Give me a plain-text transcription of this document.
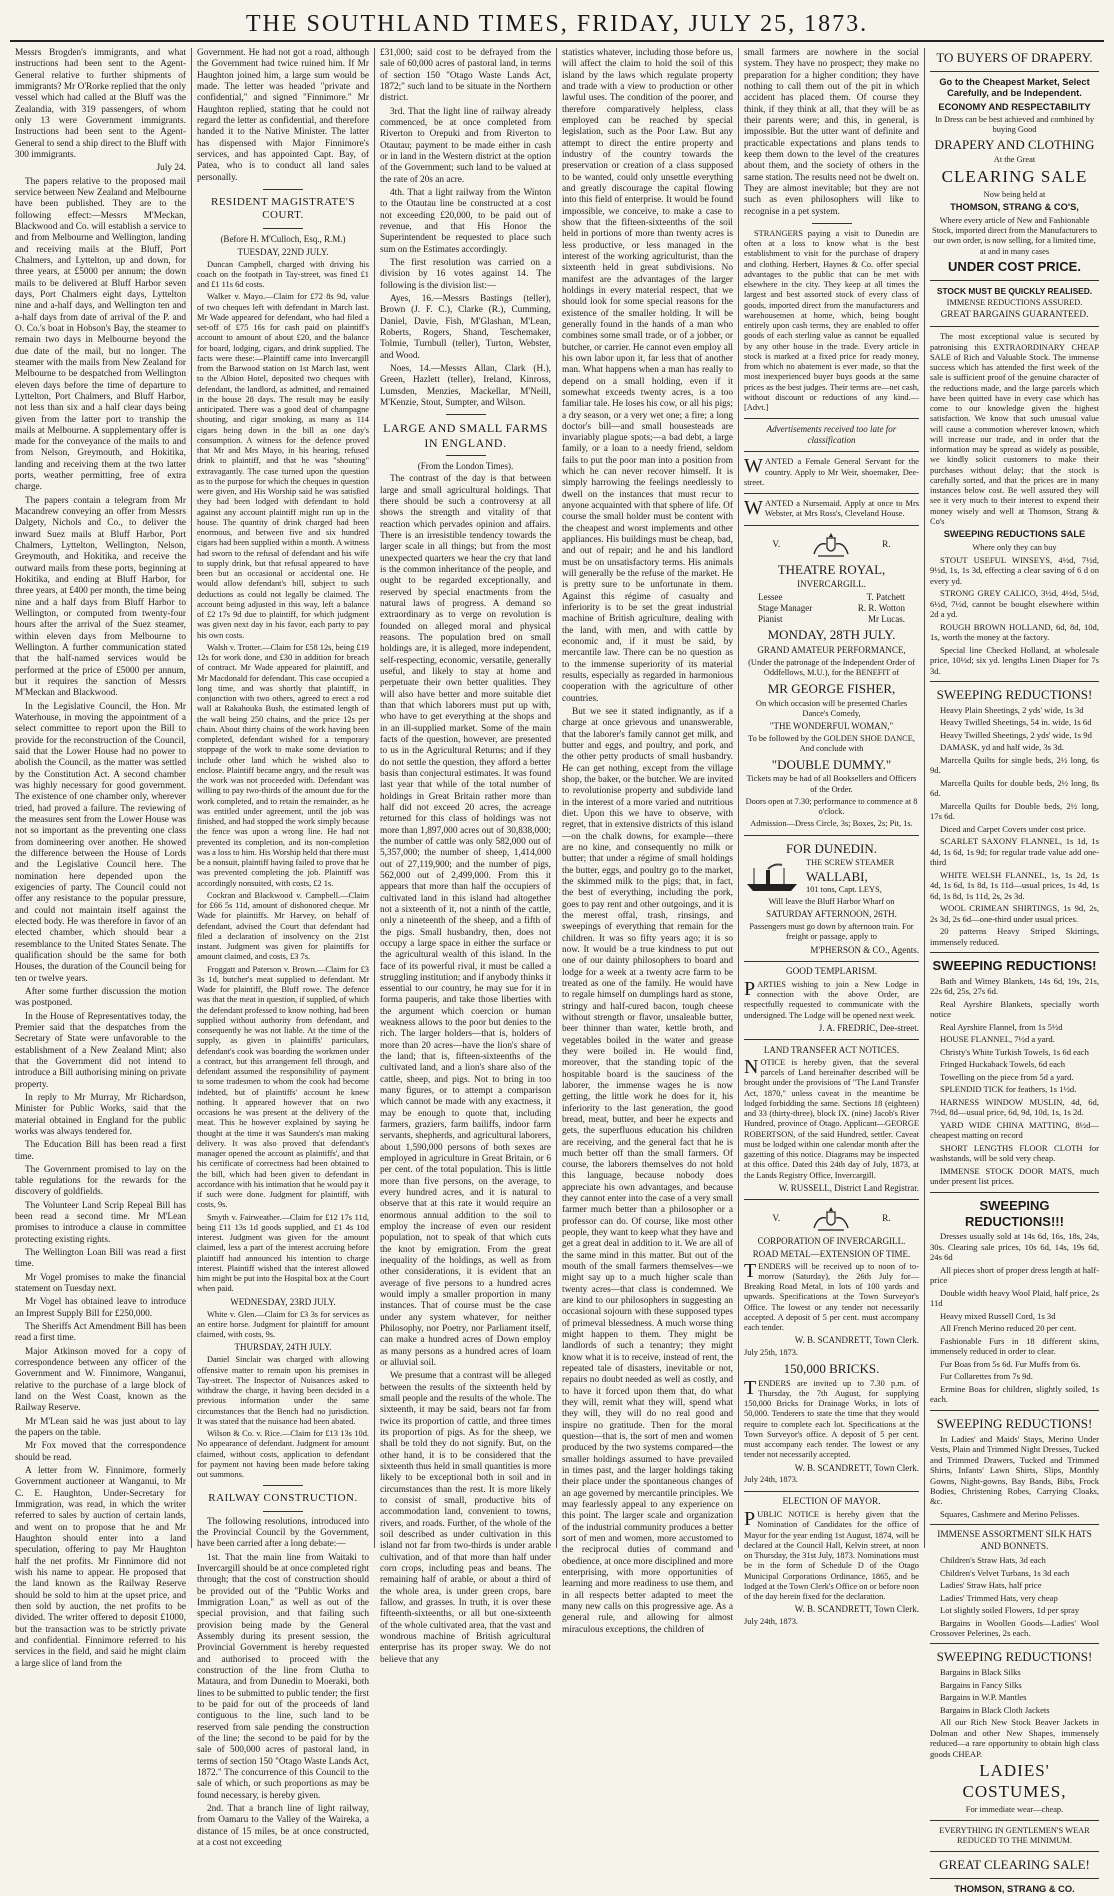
THE SOUTHLAND TIMES, FRIDAY, JULY 25, 1873.

Messrs Brogden's immigrants, and what instructions had been sent to the Agent-General relative to further shipments of immigrants? Mr O'Rorke replied that the only vessel which had called at the Bluff was the Zealandia, with 319 passengers, of whom only 13 were Government immigrants. Instructions had been sent to the Agent-General to send a ship direct to the Bluff with 300 immigrants.

July 24.

The papers relative to the proposed mail service between New Zealand and Melbourne have been published. They are to the following effect:—Messrs M'Meckan, Blackwood and Co. will establish a service to and from Melbourne and Wellington, landing and receiving mails at the Bluff, Port Chalmers, and Lyttelton, up and down, for three years, at £5000 per annum; the down mails to be delivered at Bluff Harbor seven days, Port Chalmers eight days, Lyttelton nine and a-half days, and Wellington ten and a-half days from date of arrival of the P. and O. Co.'s boat in Hobson's Bay, the steamer to remain two days in Melbourne beyond the due date of the mail, but no longer. The steamer with the mails from New Zealand for Melbourne to be despatched from Wellington eleven days before the time of departure to Lyttelton, Port Chalmers, and Bluff Harbor, not less than six and a half clear days being given from the latter port to tranship the mails at Melbourne. A supplementary offer is made for the conveyance of the mails to and from Nelson, Greymouth, and Hokitika, landing and receiving them at the two latter ports, weather permitting, free of extra charge.

The papers contain a telegram from Mr Macandrew conveying an offer from Messrs Dalgety, Nichols and Co., to deliver the inward Suez mails at Bluff Harbor, Port Chalmers, Lyttelton, Wellington, Nelson, Greymouth, and Hokitika, and receive the outward mails from these ports, beginning at Hokitika, and ending at Bluff Harbor, for three years, at £400 per month, the time being nine and a half days from Bluff Harbor to Wellington, or computed from twenty-four hours after the arrival of the Suez steamer, within eleven days from Melbourne to Wellington. A further communication stated that the half-named services would be performed at the price of £5000 per annum, but it requires the sanction of Messrs M'Meckan and Blackwood.

In the Legislative Council, the Hon. Mr Waterhouse, in moving the appointment of a select committee to report upon the Bill to provide for the reconstruction of the Council, said that the Lower House had no power to abolish the Council, as the matter was settled by the Constitution Act. A second chamber was highly necessary for good government. The existence of one chamber only, wherever tried, had proved a failure. The reviewing of the measures sent from the Lower House was not so important as the preventing one class from domineering over another. He showed the difference between the House of Lords and the Legislative Council here. The nomination here depended upon the exigencies of party. The Council could not offer any resistance to the popular pressure, and could not maintain itself against the elected body. He was therefore in favor of an elected chamber, which should bear a resemblance to the United States Senate. The qualification should be the same for both Houses, the duration of the Council being for ten or twelve years.

After some further discussion the motion was postponed.

In the House of Representatives today, the Premier said that the despatches from the Secretary of State were unfavorable to the establishment of a New Zealand Mint; also that the Government did not intend to introduce a Bill authorising mining on private property.

In reply to Mr Murray, Mr Richardson, Minister for Public Works, said that the material obtained in England for the public works was always tendered for.

The Education Bill has been read a first time.

The Government promised to lay on the table regulations for the rewards for the discovery of goldfields.

The Volunteer Land Scrip Repeal Bill has been read a second time. Mr M'Lean promises to introduce a clause in committee protecting existing rights.

The Wellington Loan Bill was read a first time.

Mr Vogel promises to make the financial statement on Tuesday next.

Mr Vogel has obtained leave to introduce an Imprest Supply Bill for £250,000.

The Sheriffs Act Amendment Bill has been read a first time.

Major Atkinson moved for a copy of correspondence between any officer of the Government and W. Finnimore, Wanganui, relative to the purchase of a large block of land on the West Coast, known as the Railway Reserve.

Mr M'Lean said he was just about to lay the papers on the table.

Mr Fox moved that the correspondence should be read.

A letter from W. Finnimore, formerly Government auctioneer at Wanganui, to Mr C. E. Haughton, Under-Secretary for Immigration, was read, in which the writer referred to sales by auction of certain lands, and went on to propose that he and Mr Haughton should enter into a land speculation, offering to pay Mr Haughton half the net profits. Mr Finnimore did not wish his name to appear. He proposed that the land known as the Railway Reserve should be sold to him at the upset price, and then sold by auction, the net profits to be divided. The writer offered to deposit £1000, but the transaction was to be strictly private and confidential. Finnimore referred to his services in the field, and said he might claim a large slice of land from the

Government. He had not got a road, although the Government had twice ruined him. If Mr Haughton joined him, a large sum would be made. The letter was headed "private and confidential," and signed "Finnimore." Mr Haughton replied, stating that he could not regard the letter as confidential, and therefore handed it to the Native Minister. The latter has dispensed with Major Finnimore's services, and has appointed Capt. Bay, of Patea, who is to conduct all land sales personally.

RESIDENT MAGISTRATE'S COURT.
(Before H. M'Culloch, Esq., R.M.)
TUESDAY, 22ND JULY.

Duncan Campbell, charged with driving his coach on the footpath in Tay-street, was fined £1 and £1 11s 6d costs.

Walker v. Mayo.—Claim for £72 8s 9d, value of two cheques left with defendant in March last. Mr Wade appeared for defendant, who had filed a set-off of £75 16s for cash paid on plaintiff's account to amount of about £20, and the balance for board, lodging, cigars, and drink supplied. The facts were these:—Plaintiff came into Invercargill from the Barwood station on 1st March last, went to the Albion Hotel, deposited two cheques with defendant, the landlord, as admitted, and remained in the house 28 days. The result may be easily anticipated. There was a good deal of champagne shouting, and cigar smoking, as many as 114 cigars being down in the bill as one day's consumption. A witness for the defence proved that Mr and Mrs Mayo, in his hearing, refused drink to plaintiff, and that he was "shouting" extravagantly. The case turned upon the question as to the purpose for which the cheques in question were given, and His Worship said he was satisfied they had been lodged with defendant to hold against any account plaintiff might run up in the house. The quantity of drink charged had been enormous, and between five and six hundred cigars had been supplied within a month. A witness had sworn to the refusal of defendant and his wife to supply drink, but that refusal appeared to have been but an occasional or accidental one. He would allow defendant's bill, subject to such deductions as could not legally be claimed. The account being adjusted in this way, left a balance of £2 17s 9d due to plaintiff, for which judgment was given next day in his favor, each party to pay his own costs.

Walsh v. Trotter.—Claim for £58 12s, being £19 12s for work done, and £30 in addition for breach of contract. Mr Wade appeared for plaintiff, and Mr Macdonald for defendant. This case occupied a long time, and was shortly that plaintiff, in conjunction with two others, agreed to erect a rod wall at Rakahouka Bush, the estimated length of the wall being 250 chains, and the price 12s per chain. About thirty chains of the work having been completed, defendant wished for a temporary stoppage of the work to make some deviation to include other land which he wished also to enclose. Plaintiff became angry, and the result was the work was not proceeded with. Defendant was willing to pay two-thirds of the amount due for the work completed, and to retain the remainder, as he was entitled under agreement, until the job was finished, and had stopped the work simply because the fence was upon a wrong line. He had not prevented its completion, and its non-completion was a loss to him. His Worship held that there must be a nonsuit, plaintiff having failed to prove that he was prevented completing the job. Plaintiff was accordingly nonsuited, with costs, £2 1s.

Cockran and Blackwood v. Campbell.—Claim for £66 5s 11d, amount of dishonored cheque. Mr Wade for plaintiffs. Mr Harvey, on behalf of defendant, advised the Court that defendant had filed a declaration of insolvency on the 21st instant. Judgment was given for plaintiffs for amount claimed, and costs, £3 7s.

Froggatt and Paterson v. Brown.—Claim for £3 3s 1d, butcher's meat supplied to defendant. Mr Wade for plaintiff, the Bluff rowe. The defence was that the meat in question, if supplied, of which the defendant professed to know nothing, had been supplied without authority from defendant, and consequently he was not liable. At the time of the supply, as given in plaintiffs' particulars, defendant's cook was boarding the workmen under a contract, but this arrangement fell through, and defendant assumed the responsibility of payment to some tradesmen to whom the cook had become indebted, but of plaintiffs' account he knew nothing. It appeared however that on two occasions he was present at the delivery of the meat. This he however explained by saying he thought at the time it was Saunders's man making delivery. It was also proved that defendant's manager opened the account as plaintiffs', and that his certificate of correctness had been obtained to the bill, which had been given to defendant in accordance with his intimation that he would pay it if such were done. Judgment for plaintiff, with costs, 9s.

Smyth v. Fairweather.—Claim for £12 17s 11d, being £11 13s 1d goods supplied, and £1 4s 10d interest. Judgment was given for the amount claimed, less a part of the interest accruing before plaintiff had announced his intention to charge interest. Plaintiff wished that the interest allowed him might be put into the Hospital box at the Court when paid.

WEDNESDAY, 23RD JULY.

White v. Glen.—Claim for £3 3s for services as an entire horse. Judgment for plaintiff for amount claimed, with costs, 9s.

THURSDAY, 24TH JULY.

Daniel Sinclair was charged with allowing offensive matter to remain upon his premises in Tay-street. The Inspector of Nuisances asked to withdraw the charge, it having been decided in a previous information under the same circumstances that the Bench had no jurisdiction. It was stated that the nuisance had been abated.

Wilson & Co. v. Rice.—Claim for £13 13s 10d. No appearance of defendant. Judgment for amount claimed, without costs, application to defendant for payment not having been made before taking out summons.

RAILWAY CONSTRUCTION.

The following resolutions, introduced into the Provincial Council by the Government, have been carried after a long debate:—

1st. That the main line from Waitaki to Invercargill should be at once completed right through; that the cost of construction should be provided out of the "Public Works and Immigration Loan," as well as out of the special provision, and that failing such provision being made by the General Assembly during its present session, the Provincial Government is hereby requested and authorised to proceed with the construction of the line from Clutha to Mataura, and from Dunedin to Moeraki, both lines to be submitted to public tender; the first to be paid for out of the proceeds of land contiguous to the line, such land to be reserved from sale pending the construction of the line; the second to be paid for by the sale of 500,000 acres of pastoral land, in terms of section 150 "Otago Waste Lands Act, 1872." The concurrence of this Council to the sale of which, or such proportions as may be found necessary, is hereby given.

2nd. That a branch line of light railway, from Oamaru to the Valley of the Waireka, a distance of 15 miles, be at once constructed, at a cost not exceeding

£31,000; said cost to be defrayed from the sale of 60,000 acres of pastoral land, in terms of section 150 "Otago Waste Lands Act, 1872;" such land to be situate in the Northern district.

3rd. That the light line of railway already commenced, be at once completed from Riverton to Orepuki and from Riverton to Otautau; payment to be made either in cash or in land in the Western district at the option of the Government; such land to be valued at the rate of 20s an acre.

4th. That a light railway from the Winton to the Otautau line be constructed at a cost not exceeding £20,000, to be paid out of revenue, and that His Honor the Superintendent be requested to place such sum on the Estimates accordingly.

The first resolution was carried on a division by 16 votes against 14. The following is the division list:—

Ayes, 16.—Messrs Bastings (teller), Brown (J. F. C.), Clarke (R.), Cumming, Daniel, Davie, Fish, M'Glashan, M'Lean, Roberts, Rogers, Shand, Teschemaker, Tolmie, Turnbull (teller), Turton, Webster, and Wood.

Noes, 14.—Messrs Allan, Clark (H.), Green, Hazlett (teller), Ireland, Kinross, Lumsden, Menzies, Mackellar, M'Neill, M'Kenzie, Stout, Sumpter, and Wilson.

LARGE AND SMALL FARMS IN ENGLAND.
(From the London Times).

The contrast of the day is that between large and small agricultural holdings. That there should be such a controversy at all shows the strength and vitality of that reaction which pervades opinion and affairs. There is an irresistible tendency towards the larger scale in all things; but from the most unexpected quarters we hear the cry that land is the common inheritance of the people, and ought to be regarded exceptionally, and reserved by special enactments from the natural laws of progress. A demand so extraordinary as to verge on revolution is founded on alleged moral and physical reasons. The population bred on small holdings are, it is alleged, more independent, self-respecting, economic, versatile, generally useful, and likely to stay at home and perpetuate their own better qualities. They will also have better and more suitable diet than that which laborers must put up with, who have to get everything at the shops and in an ill-supplied market. Some of the main facts of the question, however, are presented to us in the Agricultural Returns; and if they do not settle the question, they afford a better basis than conjectural estimates. It was found last year that while of the total number of holdings in Great Britain rather more than half did not exceed 20 acres, the acreage returned for this class of holdings was not more than 1,897,000 acres out of 30,838,000; the number of cattle was only 582,000 out of 5,357,000; the number of sheep, 1,414,000 out of 27,119,900; and the number of pigs, 562,000 out of 2,499,000. From this it appears that more than half the occupiers of cultivated land in this island had altogether not a sixteenth of it, not a ninth of the cattle, only a nineteenth of the sheep, and a fifth of the pigs. Small husbandry, then, does not occupy a large space in either the surface or the agricultural wealth of this island. In the face of its powerful rival, it must be called a struggling institution; and if anybody thinks it essential to our country, he may sue for it in forma pauperis, and take those liberties with the argument which coercion or human weakness allows to the poor but denies to the rich. The larger holders—that is, holders of more than 20 acres—have the lion's share of the land; that is, fifteen-sixteenths of the cultivated land, and a lion's share also of the cattle, sheep, and pigs. Not to bring in too many figures, or to attempt a comparison which cannot be made with any exactness, it may be enough to quote that, including farmers, graziers, farm bailiffs, indoor farm servants, shepherds, and agricultural laborers, about 1,590,000 persons of both sexes are employed in agriculture in Great Britain, or 6 per cent. of the total population. This is little more than five persons, on the average, to every hundred acres, and it is natural to observe that at this rate it would require an enormous annual addition to the soil to employ the increase of even our resident population, not to speak of that which cuts the knot by emigration. From the great inequality of the holdings, as well as from other considerations, it is evident that an average of five persons to a hundred acres would imply a smaller proportion in many instances. That of course must be the case under any system whatever, for neither Philosophy, nor Poetry, nor Parliament itself, can make a hundred acres of Down employ as many persons as a hundred acres of loam or alluvial soil.

We presume that a contrast will be alleged between the results of the sixteenth held by small people and the results of the whole. The sixteenth, it may be said, bears not far from twice its proportion of cattle, and three times its proportion of pigs. As for the sheep, we shall be told they do not signify. But, on the other hand, it is to be considered that the sixteenth thus held in small quantities is more likely to be exceptional both in soil and in circumstances than the rest. It is more likely to consist of small, productive bits of accommodation land, convenient to towns, rivers, and roads. Further, of the whole of the soil described as under cultivation in this island not far from two-thirds is under arable cultivation, and of that more than half under corn crops, including peas and beans. The remaining half of arable, or about a third of the whole area, is under green crops, bare fallow, and grasses. In truth, it is over these fifteenth-sixteenths, or all but one-sixteenth of the whole cultivated area, that the vast and wondrous machine of British agricultural enterprise has its proper sway. We do not believe that any

statistics whatever, including those before us, will affect the claim to hold the soil of this island by the laws which regulate property and trade with a view to production or other lawful uses. The condition of the poorer, and therefore comparatively helpless, class employed can be reached by special legislation, such as the Poor Law. But any attempt to direct the entire property and industry of the country towards the preservation or creation of a class supposed to be wanted, could only unsettle everything and greatly discourage the capital flowing into this field of enterprise. It would be found impossible, we conceive, to make a case to show that the fifteen-sixteenths of the soil held in portions of more than twenty acres is less productive, or less managed in the interest of the working agriculturist, than the sixteenth held in great subdivisions. No manifest are the advantages of the larger holdings in every material respect, that we should look for some special reasons for the existence of the smaller holding. It will be generally found in the hands of a man who combines some small trade, or of a jobber, or butcher, or carrier. He cannot even employ all his own labor upon it, far less that of another man. What happens when a man has really to depend on a small holding, even if it somewhat exceeds twenty acres, is a too familiar tale. He loses his cow, or all his pigs; a dry season, or a very wet one; a fire; a long doctor's bill—and small housesteads are invariably plague spots;—a bad debt, a large family, or a loan to a needy friend, seldom fails to put the poor man into a position from which he can never recover himself. It is simply harrowing the feelings needlessly to dwell on the instances that must recur to anyone acquainted with that sphere of life. Of course the small holder must be content with the cheapest and worst implements and other appliances. His buildings must be cheap, bad, and out of repair; and he and his landlord must be on unsatisfactory terms. His animals will generally be the refuse of the market. He is pretty sure to be unfortunate in them. Against this régime of casualty and inferiority is to be set the great industrial machine of British agriculture, dealing with the land, with men, and with cattle by economic and, if it must be said, by mercantile law. There can be no question as to the immense superiority of its material results, especially as regarded in harmonious cooperation with the agriculture of other countries.

But we see it stated indignantly, as if a charge at once grievous and unanswerable, that the laborer's family cannot get milk, and butter and eggs, and poultry, and pork, and the other petty products of small husbandry. He can get nothing, except from the village shop, the baker, or the butcher. We are invited to revolutionise property and subdivide land in the interest of a more varied and nutritious diet. Upon this we have to observe, with regret, that in extensive districts of this island—on the chalk downs, for example—there are no kine, and consequently no milk or butter; that under a régime of small holdings the butter, eggs, and poultry go to the market, the skimmed milk to the pigs; that, in fact, the best of everything, including the pork, goes to pay rent and other outgoings, and it is the merest offal, trash, rinsings, and sweepings of everything that remain for the children. It was so fifty years ago; it is so now. It would be a true kindness to put out one of our dainty philosophers to board and lodge for a week at a twenty acre farm to be treated as one of the family. He would have to regale himself on dumplings hard as stone, stringy and half-cured bacon, tough cheese without strength or flavor, unsaleable butter, beer thinner than water, kettle broth, and vegetables boiled in the water and grease they were boiled in. He would find, moreover, that the standing topic of the hospitable board is the sauciness of the laborer, the immense wages he is now getting, the little work he does for it, his inferiority to the last generation, the good bread, meat, butter, and beer he expects and gets, the superfluous education his children are receiving, and the general fact that he is much better off than the small farmers. Of course, the laborers themselves do not hold this language, because nobody does appreciate his own advantages, and because they cannot enter into the case of a very small farmer much better than a philosopher or a professor can do. Of course, like most other people, they want to keep what they have and get a great deal in addition to it. We are all of the same mind in this matter. But out of the mouth of the small farmers themselves—we might say up to a much higher scale than twenty acres—that class is condemned. We are kind to our philosophers in suggesting an occasional sojourn with these supposed types of primeval blessedness. A much worse thing might happen to them. They might be landlords of such a tenantry; they might know what it is to receive, instead of rent, the repeated tale of disasters, inevitable or not, repairs no doubt needed as well as costly, and to have it forced upon them that, do what they will, remit what they will, spend what they will, they will do no real good and inspire no gratitude. Then for the moral question—that is, the sort of men and women produced by the two systems compared—the smaller holdings assumed to have prevailed in times past, and the larger holdings taking their place under the spontaneous changes of an age governed by mercantile principles. We may fearlessly appeal to any experience on this point. The larger scale and organization of the industrial community produces a better sort of men and women, more accustomed to the reciprocal duties of command and obedience, at once more disciplined and more enterprising, with more opportunities of learning and more readiness to use them, and in all respects better adapted to meet the many new calls on this progressive age. As a general rule, and allowing for almost miraculous exceptions, the children of

small farmers are nowhere in the social system. They have no prospect; they make no preparation for a higher condition; they have nothing to call them out of the pit in which accident has placed them. Of course they think, if they think at all, that they will be as their parents were; and this, in general, is impossible. But the utter want of definite and practicable expectations and plans tends to keep them down to the level of the creatures about them, and the society of others in the same station. The results need not be dwelt on. They are almost inevitable; but they are not such as even philosophers will like to recognise in a pet system.

STRANGERS paying a visit to Dunedin are often at a loss to know what is the best establishment to visit for the purchase of drapery and clothing. Herbert, Haynes & Co. offer special advantages to the public that can be met with elsewhere in the city. They keep at all times the largest and best assorted stock of every class of goods, imported direct from the manufacturers and warehousemen at home, which, being bought entirely upon cash terms, they are enabled to offer goods of each sterling value as cannot be equalled by any other house in the trade. Every article in stock is marked at a fixed price for ready money, from which no abatement is ever made, so that the most inexperienced buyer buys goods at the same prices as the best judges. Their terms are—net cash, without discount or reductions of any kind.—[Advt.]

Advertisements received too late for classification

WANTED a Female General Servant for the country. Apply to Mr Weir, shoemaker, Dee-street.

WANTED a Nursemaid. Apply at once to Mrs Webster, at Mrs Ross's, Cleveland House.

V.	R.
THEATRE ROYAL,
INVERCARGILL.
Lessee	T. Patchett
Stage Manager	R. R. Wotton
Pianist	Mr Lucas.
MONDAY, 28TH JULY.
GRAND AMATEUR PERFORMANCE,
(Under the patronage of the Independent Order of Oddfellows, M.U.), for the BENEFIT of
MR GEORGE FISHER,
On which occasion will be presented Charles Dance's Comedy,
"THE WONDERFUL WOMAN,"
To be followed by the GOLDEN SHOE DANCE, And conclude with
"DOUBLE DUMMY."
Tickets may be had of all Booksellers and Officers of the Order.
Doors open at 7.30; performance to commence at 8 o'clock.
Admission—Dress Circle, 3s; Boxes, 2s; Pit, 1s.
FOR DUNEDIN.
THE SCREW STEAMER
WALLABI,
101 tons, Capt. LEYS,
Will leave the Bluff Harbor Wharf on
SATURDAY AFTERNOON, 26TH.
Passengers must go down by afternoon train. For freight or passage, apply to
M'PHERSON & CO., Agents.
GOOD TEMPLARISM.

PARTIES wishing to join a New Lodge in connection with the above Order, are respectfully requested to communicate with the undersigned. The Lodge will be opened next week.

J. A. FREDRIC, Dee-street.
LAND TRANSFER ACT NOTICES.

NOTICE is hereby given, that the several parcels of Land hereinafter described will be brought under the provisions of "The Land Transfer Act, 1870," unless caveat in the meantime be lodged forbidding the same. Sections 18 (eighteen) and 33 (thirty-three), block IX. (nine) Jacob's River Hundred, province of Otago. Applicant—GEORGE ROBERTSON, of the said Hundred, settler. Caveat must be lodged within one calendar month after the gazetting of this notice. Diagrams may be inspected at this office. Dated this 24th day of July, 1873, at the Lands Registry Office, Invercargill.

W. RUSSELL, District Land Registrar.
V.	R.
CORPORATION OF INVERCARGILL.
ROAD METAL—EXTENSION OF TIME.

TENDERS will be received up to noon of to-morrow (Saturday), the 26th July for—Breaking Road Metal, in lots of 100 yards and upwards. Specifications at the Town Surveyor's Office. The lowest or any tender not necessarily accepted. A deposit of 5 per cent. must accompany each tender.

W. B. SCANDRETT, Town Clerk.
July 25th, 1873.
150,000 BRICKS.

TENDERS are invited up to 7.30 p.m. of Thursday, the 7th August, for supplying 150,000 Bricks for Drainage Works, in lots of 50,000. Tenderers to state the time that they would require to complete each lot. Specifications at the Town Surveyor's office. A deposit of 5 per cent. must accompany each tender. The lowest or any tender not necessarily accepted.

W. B. SCANDRETT, Town Clerk.
July 24th, 1873.
ELECTION OF MAYOR.

PUBLIC NOTICE is hereby given that the Nomination of Candidates for the office of Mayor for the year ending 1st August, 1874, will be declared at the Council Hall, Kelvin street, at noon on Thursday, the 31st July, 1873. Nominations must be in the form of Schedule D of the Otago Municipal Corporations Ordinance, 1865, and be lodged at the Town Clerk's Office on or before noon of the day herein fixed for the declaration.

W. B. SCANDRETT, Town Clerk.
July 24th, 1873.
TO BUYERS OF DRAPERY.
Go to the Cheapest Market, Select Carefully, and be Independent.
ECONOMY AND RESPECTABILITY
In Dress can be best achieved and combined by buying Good
DRAPERY AND CLOTHING
At the Great
CLEARING SALE
Now being held at
THOMSON, STRANG & CO'S,
Where every article of New and Fashionable Stock, imported direct from the Manufacturers to our own order, is now selling, for a limited time, at and in many cases
UNDER COST PRICE.
STOCK MUST BE QUICKLY REALISED.
IMMENSE REDUCTIONS ASSURED.
GREAT BARGAINS GUARANTEED.

The most exceptional value is secured by patronising this EXTRAORDINARY CHEAP SALE of Rich and Valuable Stock. The immense success which has attended the first week of the sale is sufficient proof of the genuine character of the reductions made, and the large parcels which have been quitted have in every case which has come to our knowledge given the highest satisfaction. We know that such unusual value will cause a commotion wherever known, which will increase our trade, and in order that the information may be spread as widely as possible, we kindly solicit customers to make their purchases without delay; that the stock is carefully sorted, and that the prices are in many instances below cost. Be well assured they will see it very much to their interest to expend their money wisely and well at Thomson, Strang & Co's

SWEEPING REDUCTIONS SALE
Where only they can buy

STOUT USEFUL WINSEYS, 4½d, 7½d, 9½d, 1s, 1s 3d, effecting a clear saving of 6 d on every yd.

STRONG GREY CALICO, 3½d, 4½d, 5½d, 6½d, 7½d, cannot be bought elsewhere within 2d a yd.

ROUGH BROWN HOLLAND, 6d, 8d, 10d, 1s, worth the money at the factory.

Special line Checked Holland, at wholesale price, 10½d; six yd. lengths Linen Diaper for 7s 3d.

SWEEPING REDUCTIONS!

Heavy Plain Sheetings, 2 yds' wide, 1s 3d

Heavy Twilled Sheetings, 54 in. wide, 1s 6d

Heavy Twilled Sheetings, 2 yds' wide, 1s 9d

DAMASK, yd and half wide, 3s 3d.

Marcella Quilts for single beds, 2½ long, 6s 9d.

Marcella Quilts for double beds, 2½ long, 8s 6d.

Marcella Quilts for Double beds, 2½ long, 17s 6d.

Diced and Carpet Covers under cost price.

SCARLET SAXONY FLANNEL, 1s 1d, 1s 4d, 1s 6d, 1s 9d; for regular trade value add one-third

WHITE WELSH FLANNEL, 1s, 1s 2d, 1s 4d, 1s 6d, 1s 8d, 1s 11d—usual prices, 1s 4d, 1s 6d, 1s 8d, 1s 11d, 2s, 2s 3d.

WOOL CRIMEAN SHIRTINGS, 1s 9d, 2s, 2s 3d, 2s 6d—one-third under usual prices.

20 patterns Heavy Striped Skirtings, immensely reduced.

SWEEPING REDUCTIONS!

Bath and Witney Blankets, 14s 6d, 19s, 21s, 22s 6d, 25s, 27s 6d.

Real Ayrshire Blankets, specially worth notice

Real Ayrshire Flannel, from 1s 5½d

HOUSE FLANNEL, 7½d a yard.

Christy's White Turkish Towels, 1s 6d each

Fringed Huckaback Towels, 6d each

Towelling on the piece from 5d a yard.

SPLENDID TICK for feathers, 1s 1½d.

HARNESS WINDOW MUSLIN, 4d, 6d, 7½d, 8d—usual price, 6d, 9d, 10d, 1s, 1s 2d.

YARD WIDE CHINA MATTING, 8½d—cheapest matting on record

SHORT LENGTHS FLOOR CLOTH for washstands, will be sold very cheap.

IMMENSE STOCK DOOR MATS, much under present list prices.

SWEEPING REDUCTIONS!!!

Dresses usually sold at 14s 6d, 16s, 18s, 24s, 30s. Clearing sale prices, 10s 6d, 14s, 19s 6d, 24s 6d

All pieces short of proper dress length at half-price

Double width heavy Wool Plaid, half price, 2s 11d

Heavy mixed Russell Cord, 1s 3d

All French Merino reduced 20 per cent.

Fashionable Furs in 18 different skins, immensely reduced in order to clear.

Fur Boas from 5s 6d. Fur Muffs from 6s.

Fur Collarettes from 7s 9d.

Ermine Boas for children, slightly soiled, 1s each.

SWEEPING REDUCTIONS!

In Ladies' and Maids' Stays, Merino Under Vests, Plain and Trimmed Night Dresses, Tucked and Trimmed Drawers, Tucked and Trimmed Shirts, Infants' Lawn Shirts, Slips, Monthly Gowns, Night-gowns, Bay Bands, Bibs, Frock Bodies, Christening Robes, Carrying Cloaks, &c.

Squares, Cashmere and Merino Pelisses.

IMMENSE ASSORTMENT SILK HATS AND BONNETS.

Children's Straw Hats, 3d each

Children's Velvet Turbans, 1s 3d each

Ladies' Straw Hats, half price

Ladies' Trimmed Hats, very cheap

Lot slightly soiled Flowers, 1d per spray

Bargains in Woollen Goods—Ladies' Wool Crossover Pelerines, 2s each.

SWEEPING REDUCTIONS!

Bargains in Black Silks

Bargains in Fancy Silks

Bargains in W.P. Mantles

Bargains in Black Cloth Jackets

All our Rich New Stock Beaver Jackets in Dolman and other New Shapes, immensely reduced—a rare opportunity to obtain high class goods CHEAP.

LADIES' COSTUMES,
For immediate wear—cheap.
EVERYTHING IN GENTLEMEN'S WEAR REDUCED TO THE MINIMUM.
GREAT CLEARING SALE!
THOMSON, STRANG & CO.
